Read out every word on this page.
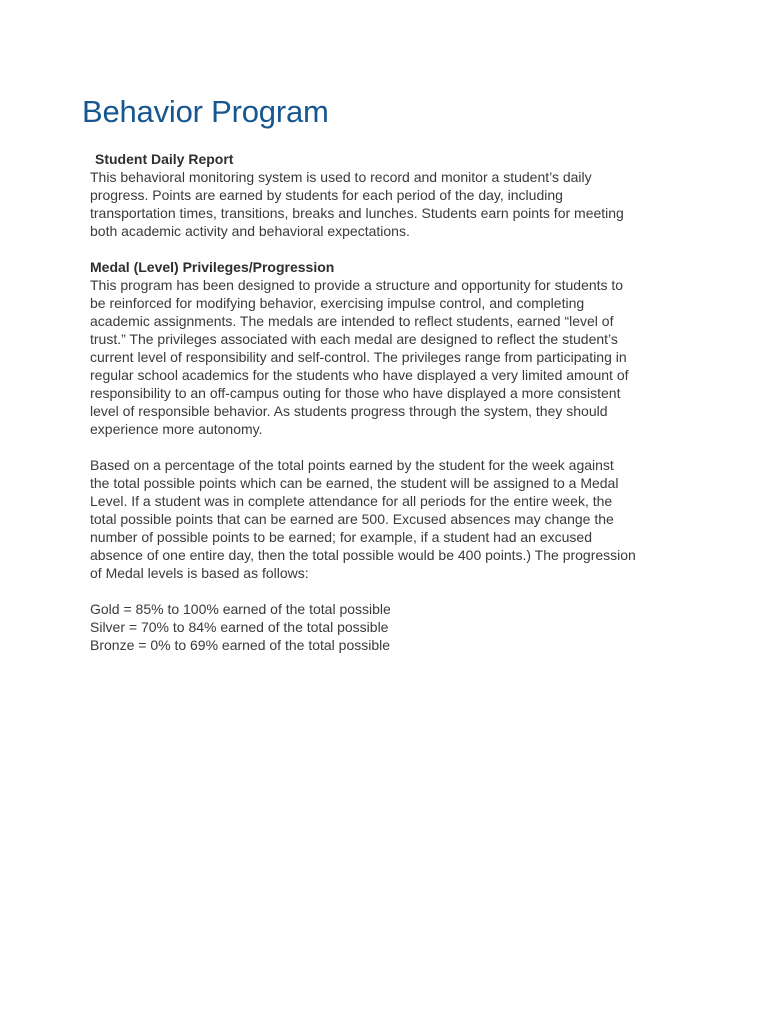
Behavior Program

Student Daily Report

This behavioral monitoring system is used to record and monitor a student’s daily
progress. Points are earned by students for each period of the day, including
transportation times, transitions, breaks and lunches. Students earn points for meeting
both academic activity and behavioral expectations.

Medal (Level) Privileges/Progression

This program has been designed to provide a structure and opportunity for students to
be reinforced for modifying behavior, exercising impulse control, and completing
academic assignments. The medals are intended to reflect students, earned “level of
trust.” The privileges associated with each medal are designed to reflect the student’s
current level of responsibility and self-control. The privileges range from participating in
regular school academics for the students who have displayed a very limited amount of
responsibility to an off-campus outing for those who have displayed a more consistent
level of responsible behavior. As students progress through the system, they should
experience more autonomy.

Based on a percentage of the total points earned by the student for the week against
the total possible points which can be earned, the student will be assigned to a Medal
Level. If a student was in complete attendance for all periods for the entire week, the
total possible points that can be earned are 500. Excused absences may change the
number of possible points to be earned; for example, if a student had an excused
absence of one entire day, then the total possible would be 400 points.) The progression
of Medal levels is based as follows:

Gold = 85% to 100% earned of the total possible

Silver = 70% to 84% earned of the total possible

Bronze = 0% to 69% earned of the total possible
